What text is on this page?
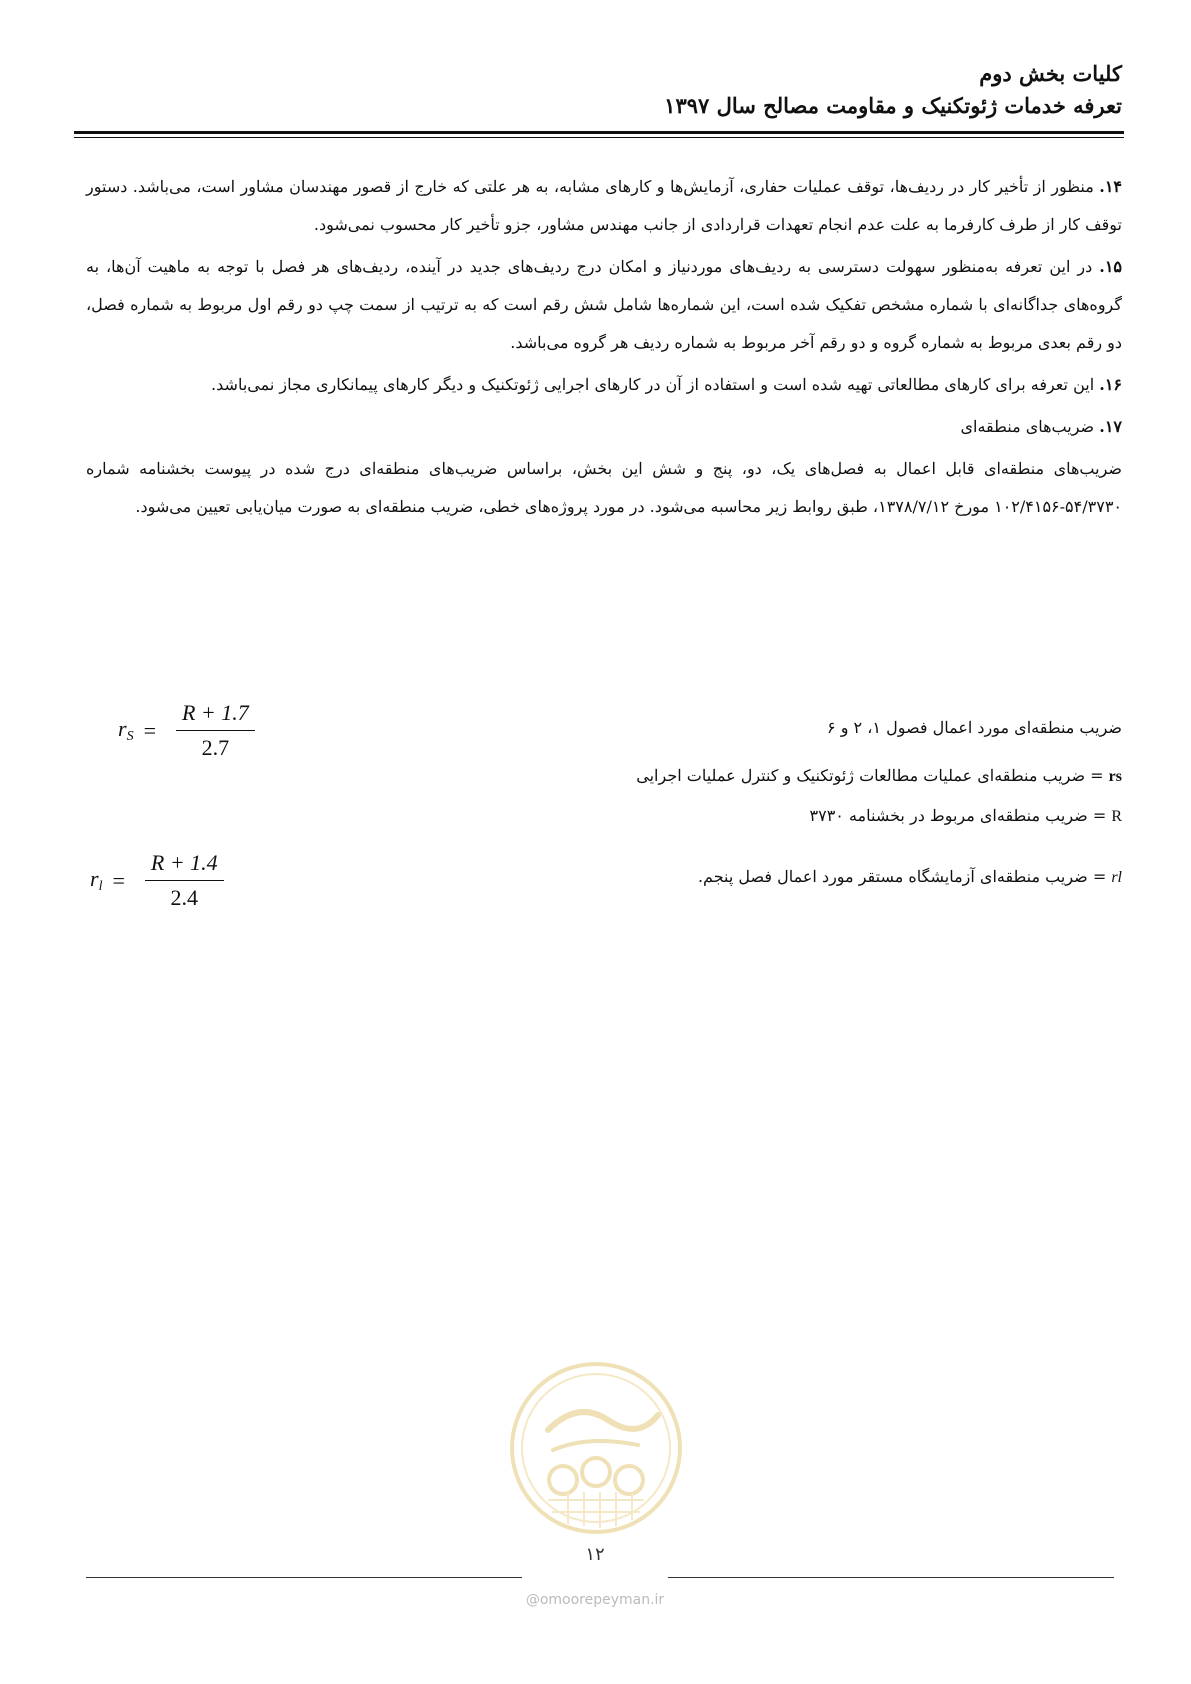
کلیات بخش دوم
تعرفه خدمات ژئوتکنیک و مقاومت مصالح سال ۱۳۹۷

۱۴. منظور از تأخیر کار در ردیف‌ها، توقف عملیات حفاری، آزمایش‌ها و کارهای مشابه، به هر علتی که خارج از قصور مهندسان مشاور است، می‌باشد. دستور توقف کار از طرف کارفرما به علت عدم انجام تعهدات قراردادی از جانب مهندس مشاور، جزو تأخیر کار محسوب نمی‌شود.

۱۵. در این تعرفه به‌منظور سهولت دسترسی به ردیف‌های موردنیاز و امکان درج ردیف‌های جدید در آینده، ردیف‌های هر فصل با توجه به ماهیت آن‌ها، به گروه‌های جداگانه‌ای با شماره مشخص تفکیک شده است، این شماره‌ها شامل شش رقم است که به ترتیب از سمت چپ دو رقم اول مربوط به شماره فصل، دو رقم بعدی مربوط به شماره گروه و دو رقم آخر مربوط به شماره ردیف هر گروه می‌باشد.

۱۶. این تعرفه برای کارهای مطالعاتی تهیه شده است و استفاده از آن در کارهای اجرایی ژئوتکنیک و دیگر کارهای پیمانکاری مجاز نمی‌باشد.

۱۷. ضریب‌های منطقه‌ای

ضریب‌های منطقه‌ای قابل اعمال به فصل‌های یک، دو، پنج و شش این بخش، براساس ضریب‌های منطقه‌ای درج شده در پیوست بخشنامه شماره ۵۴/۳۷۳۰-۱۰۲/۴۱۵۶ مورخ ۱۳۷۸/۷/۱۲، طبق روابط زیر محاسبه می‌شود. در مورد پروژه‌های خطی، ضریب منطقه‌ای به صورت میان‌یابی تعیین می‌شود.

ضریب منطقه‌ای مورد اعمال فصول ۱، ۲ و ۶
rs = ضریب منطقه‌ای عملیات مطالعات ژئوتکنیک و کنترل عملیات اجرایی
R = ضریب منطقه‌ای مربوط در بخشنامه ۳۷۳۰
rl = ضریب منطقه‌ای آزمایشگاه مستقر مورد اعمال فصل پنجم.
$r_S = \frac{R + 1.7}{2.7}$
$r_l = \frac{R + 1.4}{2.4}$
۱۲
@omoorepeyman.ir
